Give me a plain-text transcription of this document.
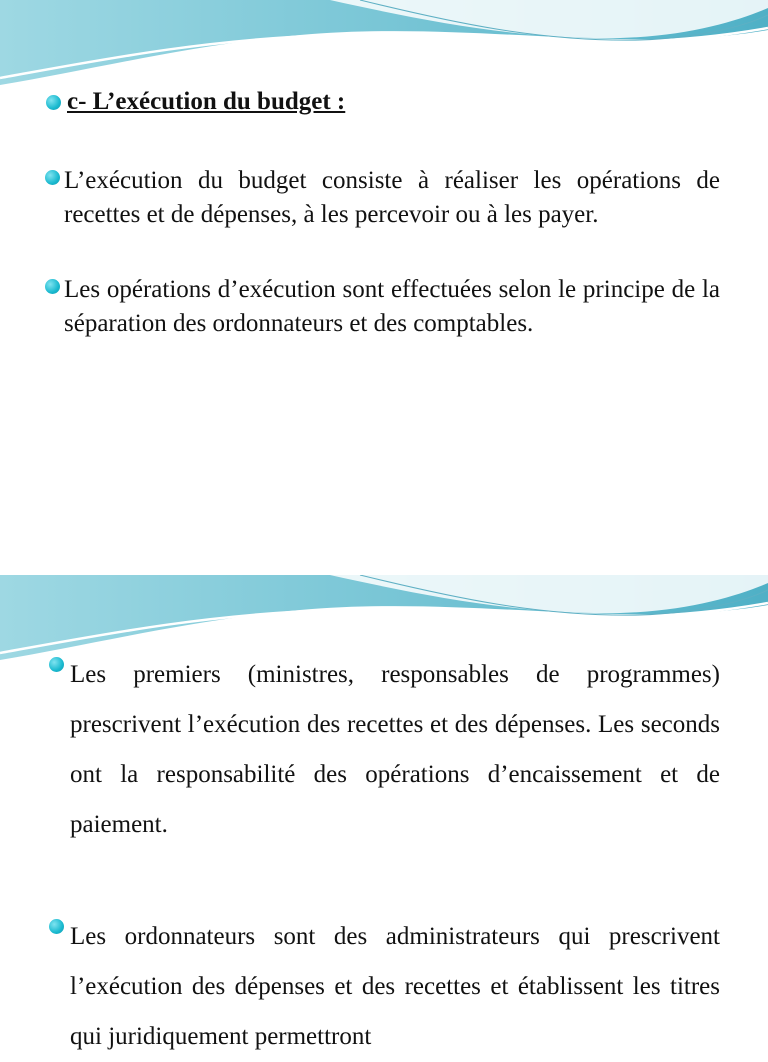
c- L’exécution du budget :
L’exécution du budget consiste à réaliser les opérations de recettes et de dépenses, à les percevoir ou à les payer.
Les opérations d’exécution sont effectuées selon le principe de la séparation des ordonnateurs et des comptables.
Les premiers (ministres, responsables de programmes) prescrivent l’exécution des recettes et des dépenses. Les seconds ont la responsabilité des opérations d’encaissement et de paiement.
Les ordonnateurs sont des administrateurs qui prescrivent l’exécution des dépenses et des recettes et établissent les titres qui juridiquement permettront
